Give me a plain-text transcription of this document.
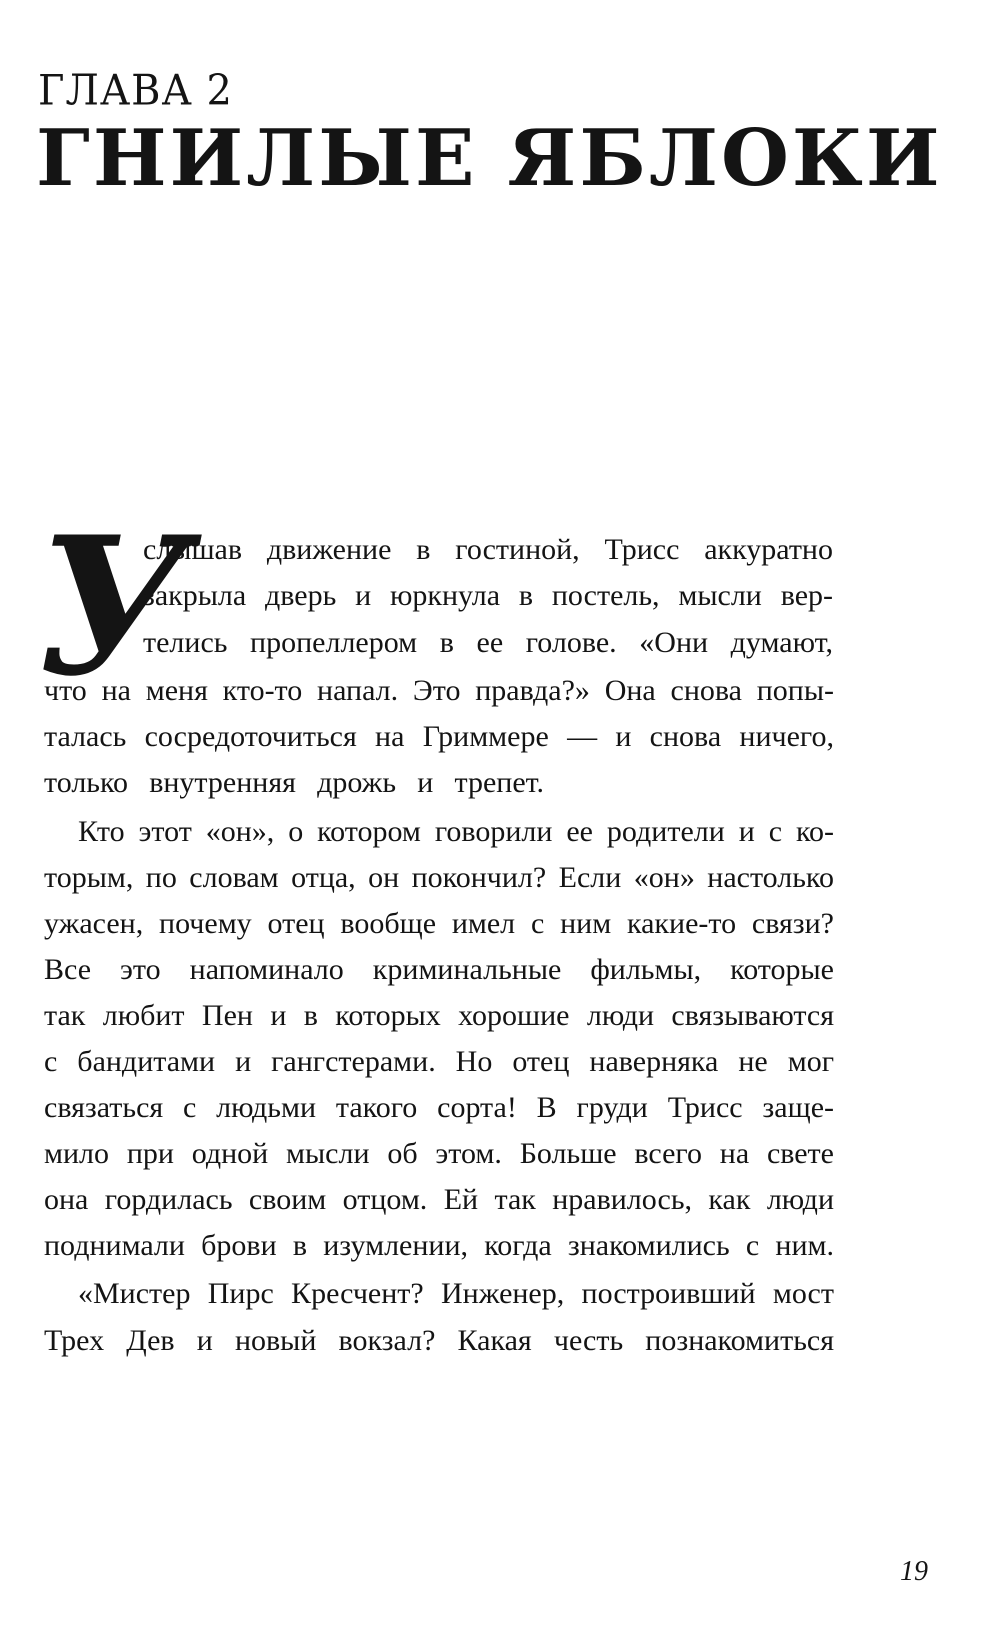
ГЛАВА 2
ГНИЛЫЕ ЯБЛОКИ
У
слышав движение в гостиной, Трисс аккуратно
закрыла дверь и юркнула в постель, мысли вер-
телись пропеллером в ее голове. «Они думают,
что на меня кто-то напал. Это правда?» Она снова попы-
талась сосредоточиться на Гриммере — и снова ничего,
только внутренняя дрожь и трепет.
Кто этот «он», о котором говорили ее родители и с ко-
торым, по словам отца, он покончил? Если «он» настолько
ужасен, почему отец вообще имел с ним какие-то связи?
Все это напоминало криминальные фильмы, которые
так любит Пен и в которых хорошие люди связываются
с бандитами и гангстерами. Но отец наверняка не мог
связаться с людьми такого сорта! В груди Трисс заще-
мило при одной мысли об этом. Больше всего на свете
она гордилась своим отцом. Ей так нравилось, как люди
поднимали брови в изумлении, когда знакомились с ним.
«Мистер Пирс Кресчент? Инженер, построивший мост
Трех Дев и новый вокзал? Какая честь познакомиться
19
